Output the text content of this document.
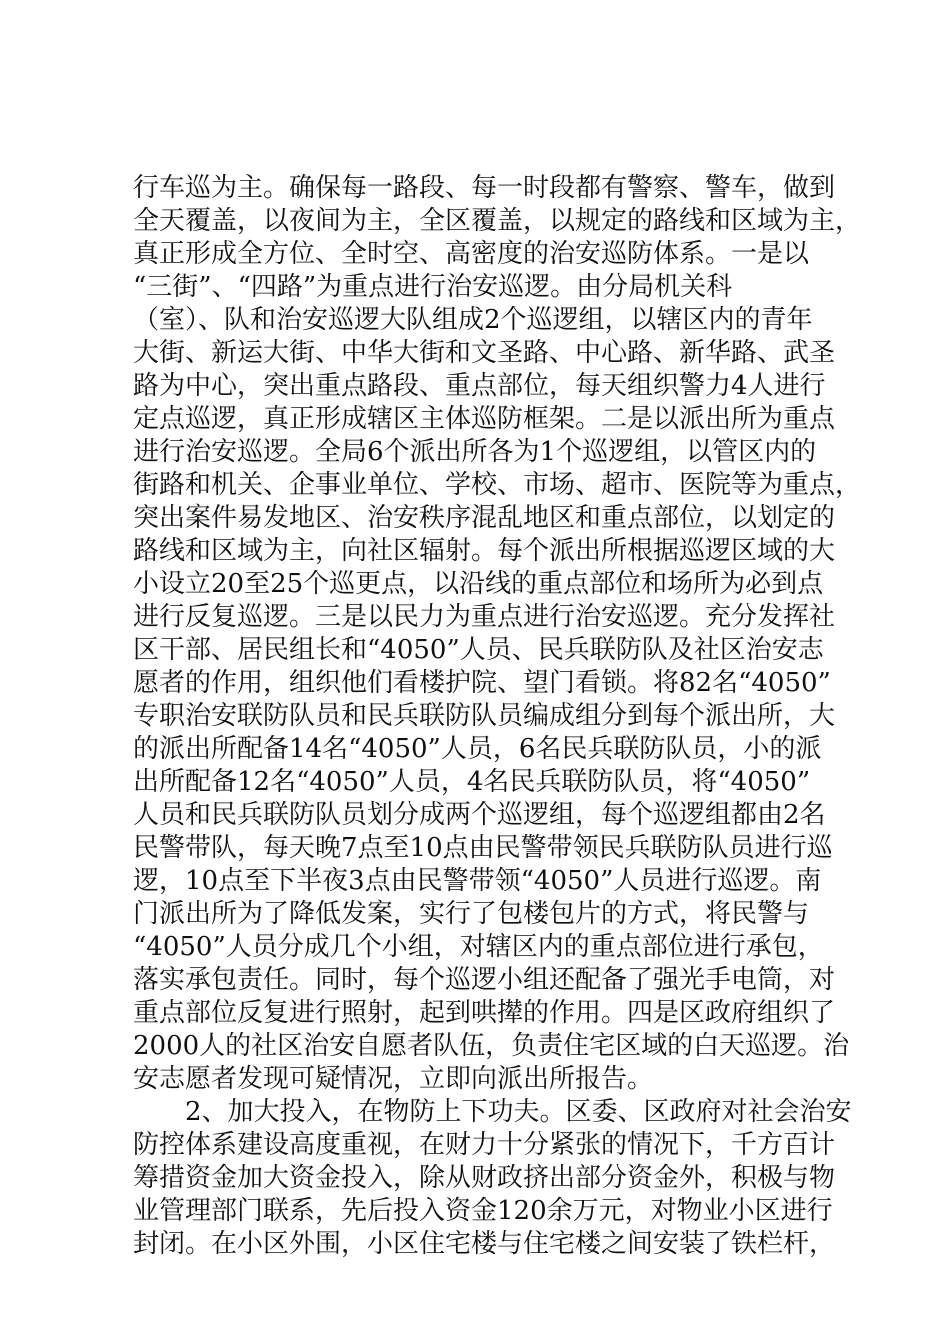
行车巡为主。确保每一路段、每一时段都有警察、警车，做到
全天覆盖，以夜间为主，全区覆盖，以规定的路线和区域为主，
真正形成全方位、全时空、高密度的治安巡防体系。一是以
“三街”、“四路”为重点进行治安巡逻。由分局机关科
（室）、队和治安巡逻大队组成2个巡逻组，以辖区内的青年
大街、新运大街、中华大街和文圣路、中心路、新华路、武圣
路为中心，突出重点路段、重点部位，每天组织警力4人进行
定点巡逻，真正形成辖区主体巡防框架。二是以派出所为重点
进行治安巡逻。全局6个派出所各为1个巡逻组，以管区内的
街路和机关、企事业单位、学校、市场、超市、医院等为重点，
突出案件易发地区、治安秩序混乱地区和重点部位，以划定的
路线和区域为主，向社区辐射。每个派出所根据巡逻区域的大
小设立20至25个巡更点，以沿线的重点部位和场所为必到点
进行反复巡逻。三是以民力为重点进行治安巡逻。充分发挥社
区干部、居民组长和“4050”人员、民兵联防队及社区治安志
愿者的作用，组织他们看楼护院、望门看锁。将82名“4050”
专职治安联防队员和民兵联防队员编成组分到每个派出所，大
的派出所配备14名“4050”人员，6名民兵联防队员，小的派
出所配备12名“4050”人员，4名民兵联防队员，将“4050”
人员和民兵联防队员划分成两个巡逻组，每个巡逻组都由2名
民警带队，每天晚7点至10点由民警带领民兵联防队员进行巡
逻，10点至下半夜3点由民警带领“4050”人员进行巡逻。南
门派出所为了降低发案，实行了包楼包片的方式，将民警与
“4050”人员分成几个小组，对辖区内的重点部位进行承包，
落实承包责任。同时，每个巡逻小组还配备了强光手电筒，对
重点部位反复进行照射，起到哄撵的作用。四是区政府组织了
2000人的社区治安自愿者队伍，负责住宅区域的白天巡逻。治
安志愿者发现可疑情况，立即向派出所报告。
2、加大投入，在物防上下功夫。区委、区政府对社会治安
防控体系建设高度重视，在财力十分紧张的情况下，千方百计
筹措资金加大资金投入，除从财政挤出部分资金外，积极与物
业管理部门联系，先后投入资金120余万元，对物业小区进行
封闭。在小区外围，小区住宅楼与住宅楼之间安装了铁栏杆，
